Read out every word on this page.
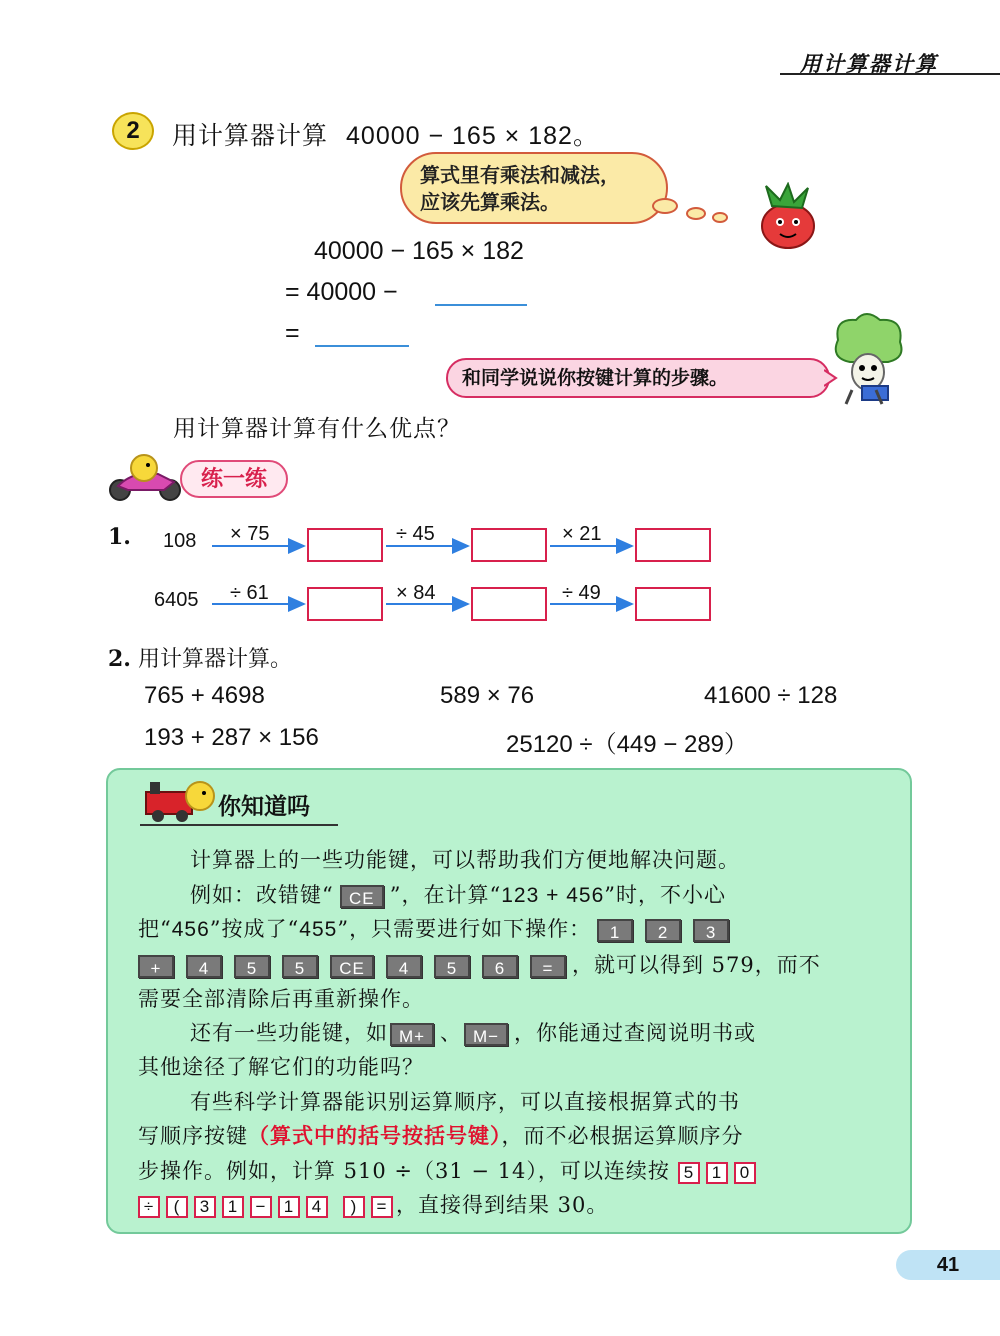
用计算器计算
2	用计算器计算 40000 − 165 × 182。
算式里有乘法和减法，
应该先算乘法。
40000 − 165 × 182
= 40000 −
=
和同学说说你按键计算的步骤。
用计算器计算有什么优点？
练一练
1. 108 × 75	÷ 45	× 21
6405 ÷ 61	× 84	÷ 49
2. 用计算器计算。
765 + 4698	589 × 76	41600 ÷ 128
193 + 287 × 156	25120 ÷（449 − 289）
你知道吗
计算器上的一些功能键，可以帮助我们方便地解决问题。
例如：改错键“ CE ”，在计算“123 + 456”时，不小心
把“456”按成了“455”，只需要进行如下操作： 1 2 3
+ 4 5 5 CE 4 5 6 = ，就可以得到 579，而不
需要全部清除后再重新操作。
还有一些功能键，如 M+ 、 M− ，你能通过查阅说明书或
其他途径了解它们的功能吗？
有些科学计算器能识别运算顺序，可以直接根据算式的书
写顺序按键（算式中的括号按括号键），而不必根据运算顺序分
步操作。例如，计算 510 ÷（31 − 14），可以连续按 5 1 0
÷ ( 3 1 − 1 4 ) = ，直接得到结果 30。
41
